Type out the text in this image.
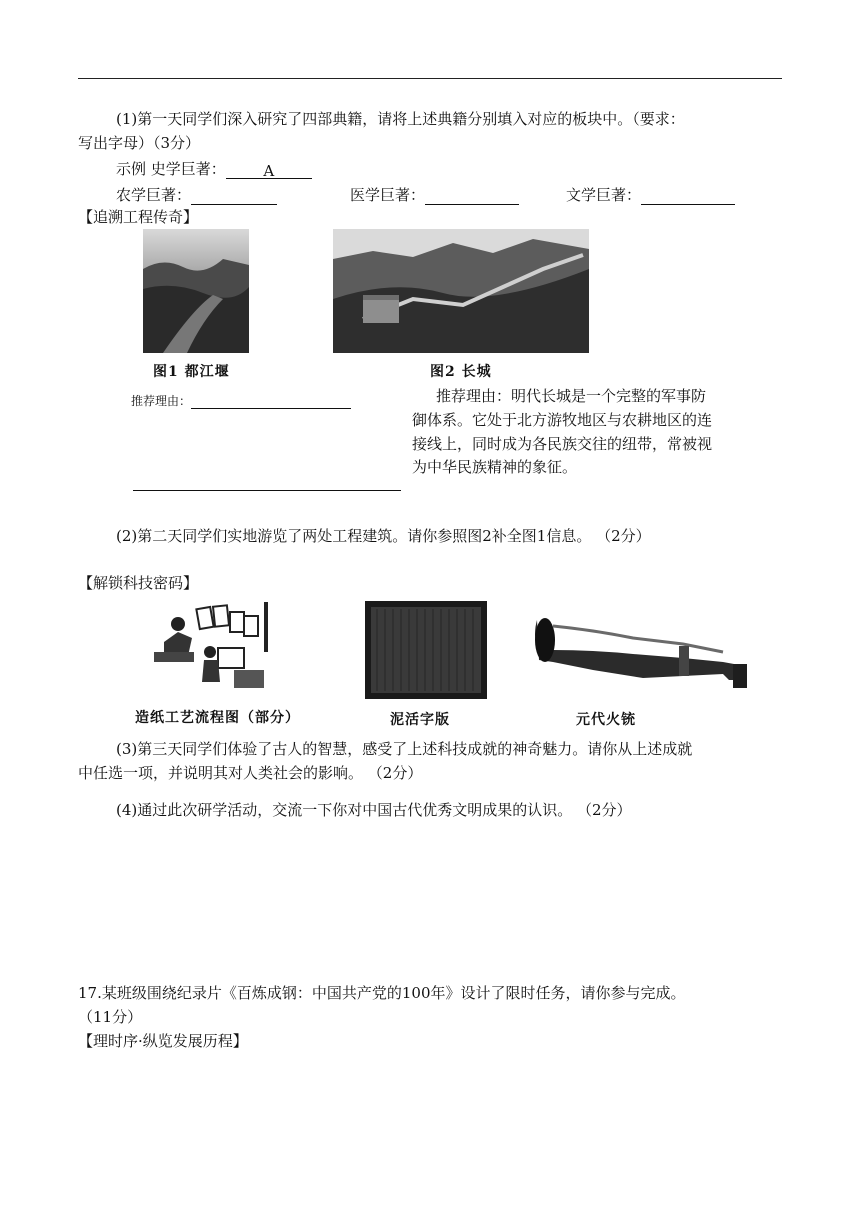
(1)第一天同学们深入研究了四部典籍，请将上述典籍分别填入对应的板块中。（要求：
写出字母）（3分）
示例 史学巨著：	A
农学巨著：	医学巨著：	文学巨著：
【追溯工程传奇】
图1 都江堰	图2 长城
推荐理由：	推荐理由：明代长城是一个完整的军事防
御体系。它处于北方游牧地区与农耕地区的连
接线上，同时成为各民族交往的纽带，常被视
为中华民族精神的象征。
(2)第二天同学们实地游览了两处工程建筑。请你参照图2补全图1信息。 （2分）
【解锁科技密码】
造纸工艺流程图（部分）	泥活字版	元代火铳
(3)第三天同学们体验了古人的智慧，感受了上述科技成就的神奇魅力。请你从上述成就
中任选一项，并说明其对人类社会的影响。 （2分）
(4)通过此次研学活动，交流一下你对中国古代优秀文明成果的认识。 （2分）
17.某班级围绕纪录片《百炼成钢：中国共产党的100年》设计了限时任务，请你参与完成。
（11分）
【理时序·纵览发展历程】
